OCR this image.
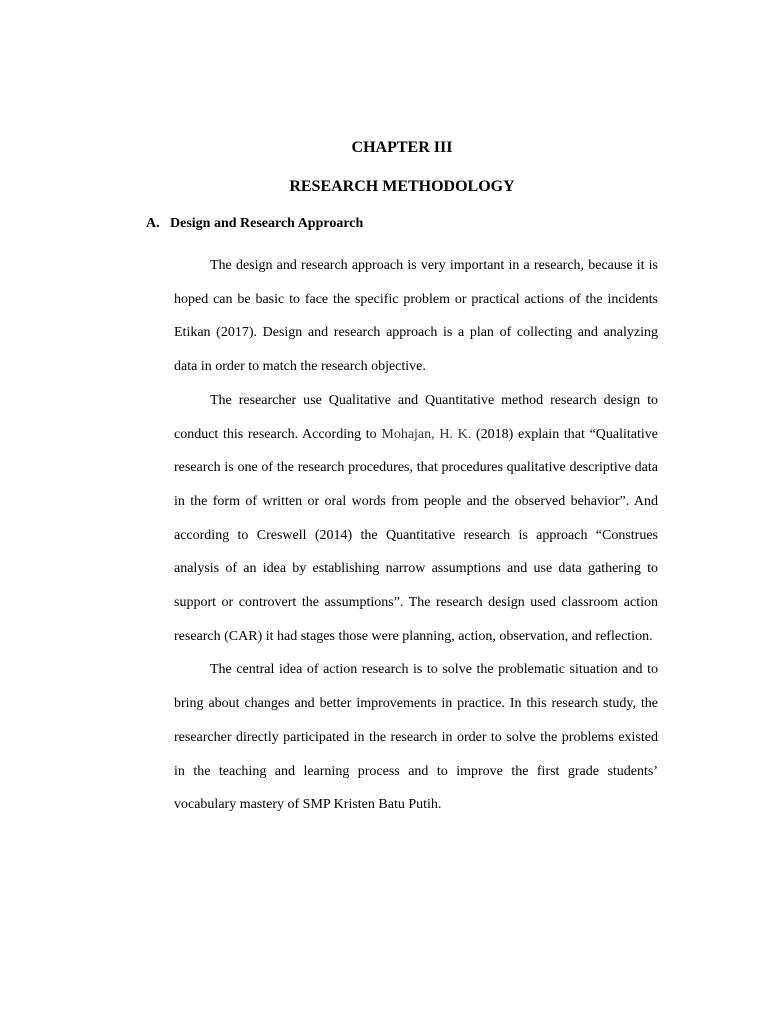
CHAPTER III
RESEARCH METHODOLOGY
A. Design and Research Approarch

The design and research approach is very important in a research, because it is hoped can be basic to face the specific problem or practical actions of the incidents Etikan (2017). Design and research approach is a plan of collecting and analyzing data in order to match the research objective.

The researcher use Qualitative and Quantitative method research design to conduct this research. According to Mohajan, H. K. (2018) explain that “Qualitative research is one of the research procedures, that procedures qualitative descriptive data in the form of written or oral words from people and the observed behavior”. And according to Creswell (2014) the Quantitative research is approach “Construes analysis of an idea by establishing narrow assumptions and use data gathering to support or controvert the assumptions”. The research design used classroom action research (CAR) it had stages those were planning, action, observation, and reflection.

The central idea of action research is to solve the problematic situation and to bring about changes and better improvements in practice. In this research study, the researcher directly participated in the research in order to solve the problems existed in the teaching and learning process and to improve the first grade students’ vocabulary mastery of SMP Kristen Batu Putih.
